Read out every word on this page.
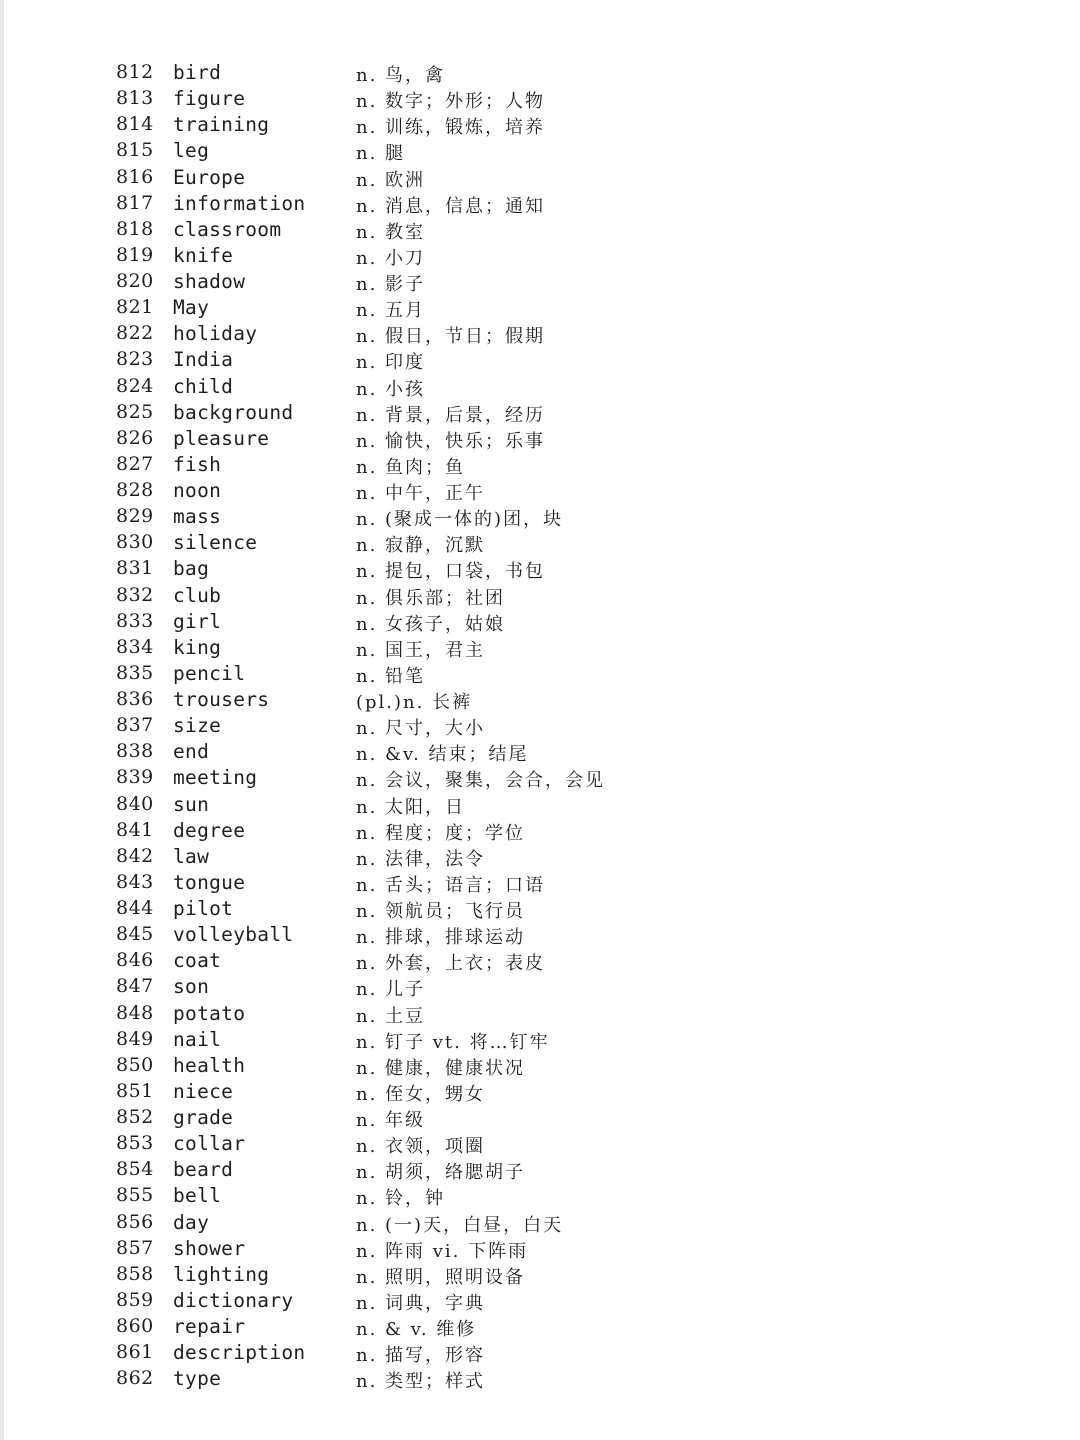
812 bird	n. 鸟，禽
813 figure	n. 数字；外形；人物
814 training	n. 训练，锻炼，培养
815 leg	n. 腿
816 Europe	n. 欧洲
817 information	n. 消息，信息；通知
818 classroom	n. 教室
819 knife	n. 小刀
820 shadow	n. 影子
821 May	n. 五月
822 holiday	n. 假日，节日；假期
823 India	n. 印度
824 child	n. 小孩
825 background	n. 背景，后景，经历
826 pleasure	n. 愉快，快乐；乐事
827 fish	n. 鱼肉；鱼
828 noon	n. 中午，正午
829 mass	n. (聚成一体的)团，块
830 silence	n. 寂静，沉默
831 bag	n. 提包，口袋，书包
832 club	n. 俱乐部；社团
833 girl	n. 女孩子，姑娘
834 king	n. 国王，君主
835 pencil	n. 铅笔
836 trousers	(pl.)n. 长裤
837 size	n. 尺寸，大小
838 end	n. &v. 结束；结尾
839 meeting	n. 会议，聚集，会合，会见
840 sun	n. 太阳，日
841 degree	n. 程度；度；学位
842 law	n. 法律，法令
843 tongue	n. 舌头；语言；口语
844 pilot	n. 领航员；飞行员
845 volleyball	n. 排球，排球运动
846 coat	n. 外套，上衣；表皮
847 son	n. 儿子
848 potato	n. 土豆
849 nail	n. 钉子 vt. 将…钉牢
850 health	n. 健康，健康状况
851 niece	n. 侄女，甥女
852 grade	n. 年级
853 collar	n. 衣领，项圈
854 beard	n. 胡须，络腮胡子
855 bell	n. 铃，钟
856 day	n. (一)天，白昼，白天
857 shower	n. 阵雨 vi. 下阵雨
858 lighting	n. 照明，照明设备
859 dictionary	n. 词典，字典
860 repair	n. & v. 维修
861 description	n. 描写，形容
862 type	n. 类型；样式
